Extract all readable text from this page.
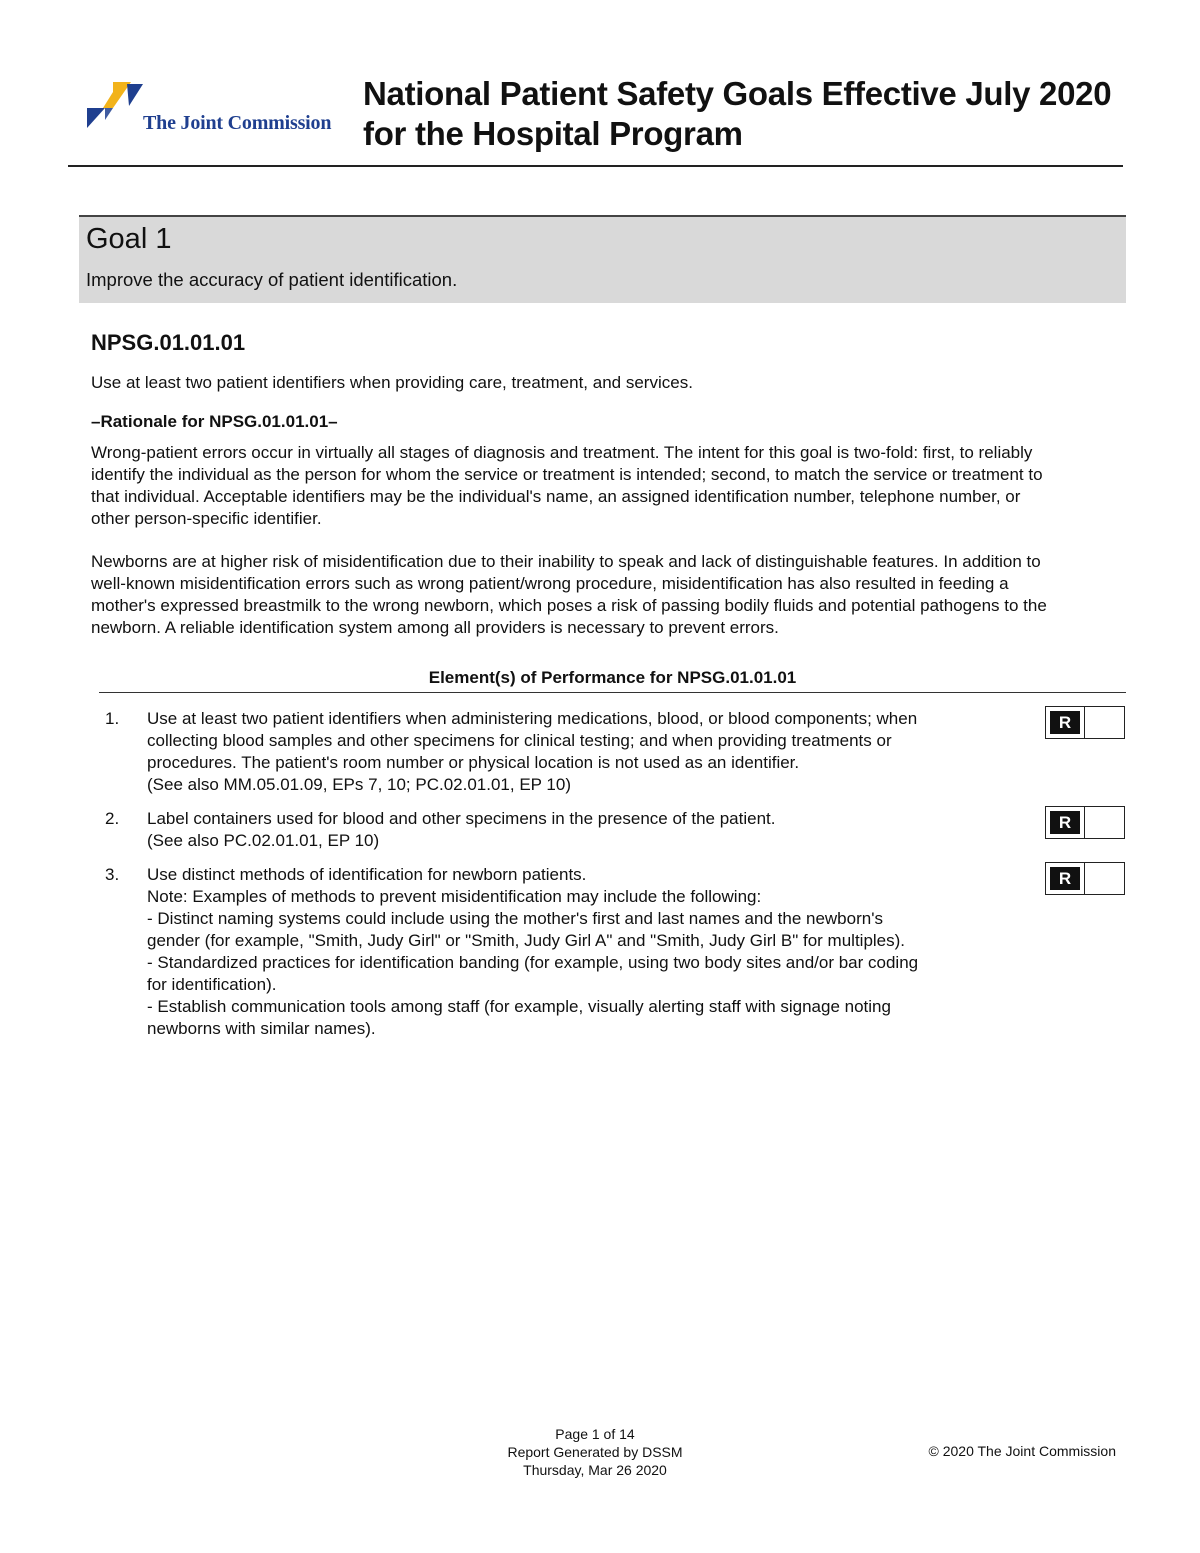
The Joint Commission
National Patient Safety Goals Effective July 2020 for the Hospital Program
Goal 1
Improve the accuracy of patient identification.
NPSG.01.01.01
Use at least two patient identifiers when providing care, treatment, and services.
–Rationale for NPSG.01.01.01–
Wrong-patient errors occur in virtually all stages of diagnosis and treatment. The intent for this goal is two-fold: first, to reliably identify the individual as the person for whom the service or treatment is intended; second, to match the service or treatment to that individual. Acceptable identifiers may be the individual's name, an assigned identification number, telephone number, or other person-specific identifier.
Newborns are at higher risk of misidentification due to their inability to speak and lack of distinguishable features. In addition to well-known misidentification errors such as wrong patient/wrong procedure, misidentification has also resulted in feeding a mother's expressed breastmilk to the wrong newborn, which poses a risk of passing bodily fluids and potential pathogens to the newborn. A reliable identification system among all providers is necessary to prevent errors.
Element(s) of Performance for NPSG.01.01.01
1. Use at least two patient identifiers when administering medications, blood, or blood components; when
collecting blood samples and other specimens for clinical testing; and when providing treatments or
procedures. The patient's room number or physical location is not used as an identifier.
(See also MM.05.01.09, EPs 7, 10; PC.02.01.01, EP 10)
R
2. Label containers used for blood and other specimens in the presence of the patient.
(See also PC.02.01.01, EP 10)
R
3. Use distinct methods of identification for newborn patients.
Note: Examples of methods to prevent misidentification may include the following:
- Distinct naming systems could include using the mother's first and last names and the newborn's
gender (for example, "Smith, Judy Girl" or "Smith, Judy Girl A" and "Smith, Judy Girl B" for multiples).
- Standardized practices for identification banding (for example, using two body sites and/or bar coding
for identification).
- Establish communication tools among staff (for example, visually alerting staff with signage noting
newborns with similar names).
R
Page 1 of 14
Report Generated by DSSM
Thursday, Mar 26 2020
© 2020 The Joint Commission
